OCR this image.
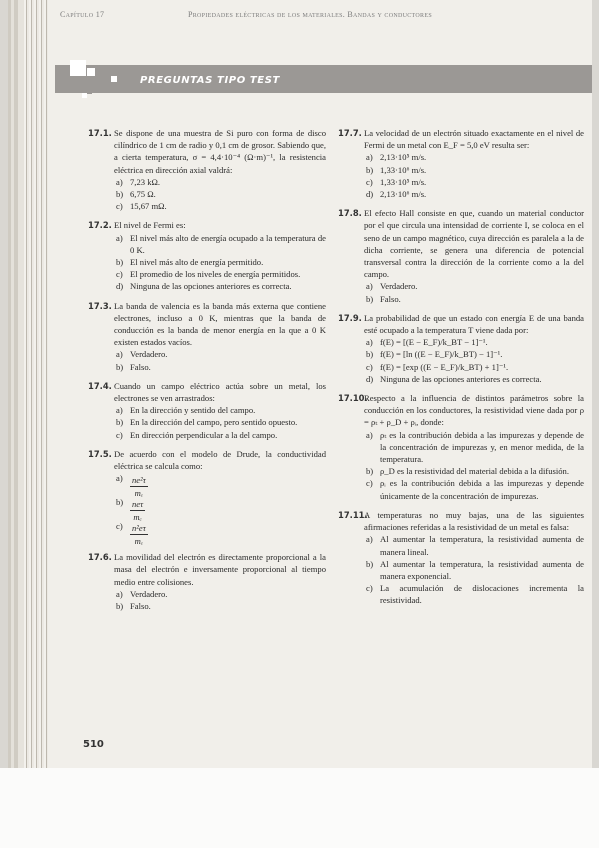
Capítulo 17	Propiedades eléctricas de los materiales. Bandas y conductores
PREGUNTAS TIPO TEST
17.1. Se dispone de una muestra de Si puro con forma de disco cilíndrico de 1 cm de radio y 0,1 cm de grosor. Sabiendo que, a cierta temperatura, σ = 4,4·10⁻⁴ (Ω·m)⁻¹, la resistencia eléctrica en dirección axial valdrá:
a) 7,23 kΩ.
b) 6,75 Ω.
c) 15,67 mΩ.
17.2. El nivel de Fermi es:
a) El nivel más alto de energía ocupado a la temperatura de 0 K.
b) El nivel más alto de energía permitido.
c) El promedio de los niveles de energía permitidos.
d) Ninguna de las opciones anteriores es correcta.
17.3. La banda de valencia es la banda más externa que contiene electrones, incluso a 0 K, mientras que la banda de conducción es la banda de menor energía en la que a 0 K existen estados vacíos.
a) Verdadero.
b) Falso.
17.4. Cuando un campo eléctrico actúa sobre un metal, los electrones se ven arrastrados:
a) En la dirección y sentido del campo.
b) En la dirección del campo, pero sentido opuesto.
c) En dirección perpendicular a la del campo.
17.5. De acuerdo con el modelo de Drude, la conductividad eléctrica se calcula como:
$a) \frac{\text{ne²τ}}{\text{mₑ}}$
$b) \frac{\text{neτ}}{\text{mₑ}}$
$c) \frac{\text{n²eτ}}{\text{mₑ}}$
17.6. La movilidad del electrón es directamente proporcional a la masa del electrón e inversamente proporcional al tiempo medio entre colisiones.
a) Verdadero.
b) Falso.
17.7. La velocidad de un electrón situado exactamente en el nivel de Fermi de un metal con E_F = 5,0 eV resulta ser:
a) 2,13·10⁵ m/s.
b) 1,33·10⁶ m/s.
c) 1,33·10⁵ m/s.
d) 2,13·10⁶ m/s.
17.8. El efecto Hall consiste en que, cuando un material conductor por el que circula una intensidad de corriente I, se coloca en el seno de un campo magnético, cuya dirección es paralela a la de dicha corriente, se genera una diferencia de potencial transversal contra la dirección de la corriente como a la del campo.
a) Verdadero.
b) Falso.
17.9. La probabilidad de que un estado con energía E de una banda esté ocupado a la temperatura T viene dada por:
a) f(E) = [(E − E_F)/k_BT − 1]⁻¹.
b) f(E) = [ln ((E − E_F)/k_BT) − 1]⁻¹.
c) f(E) = [exp ((E − E_F)/k_BT) + 1]⁻¹.
d) Ninguna de las opciones anteriores es correcta.
17.10.
Respecto a la influencia de distintos parámetros sobre la conducción en los conductores, la resistividad viene dada por ρ = ρₜ + ρ_D + ρᵢ, donde:
a) ρₜ es la contribución debida a las impurezas y depende de la concentración de impurezas y, en menor medida, de la temperatura.
b) ρ_D es la resistividad del material debida a la difusión.
c) ρᵢ es la contribución debida a las impurezas y depende únicamente de la concentración de impurezas.
17.11.
A temperaturas no muy bajas, una de las siguientes afirmaciones referidas a la resistividad de un metal es falsa:
a) Al aumentar la temperatura, la resistividad aumenta de manera lineal.
b) Al aumentar la temperatura, la resistividad aumenta de manera exponencial.
c) La acumulación de dislocaciones incrementa la resistividad.
510
